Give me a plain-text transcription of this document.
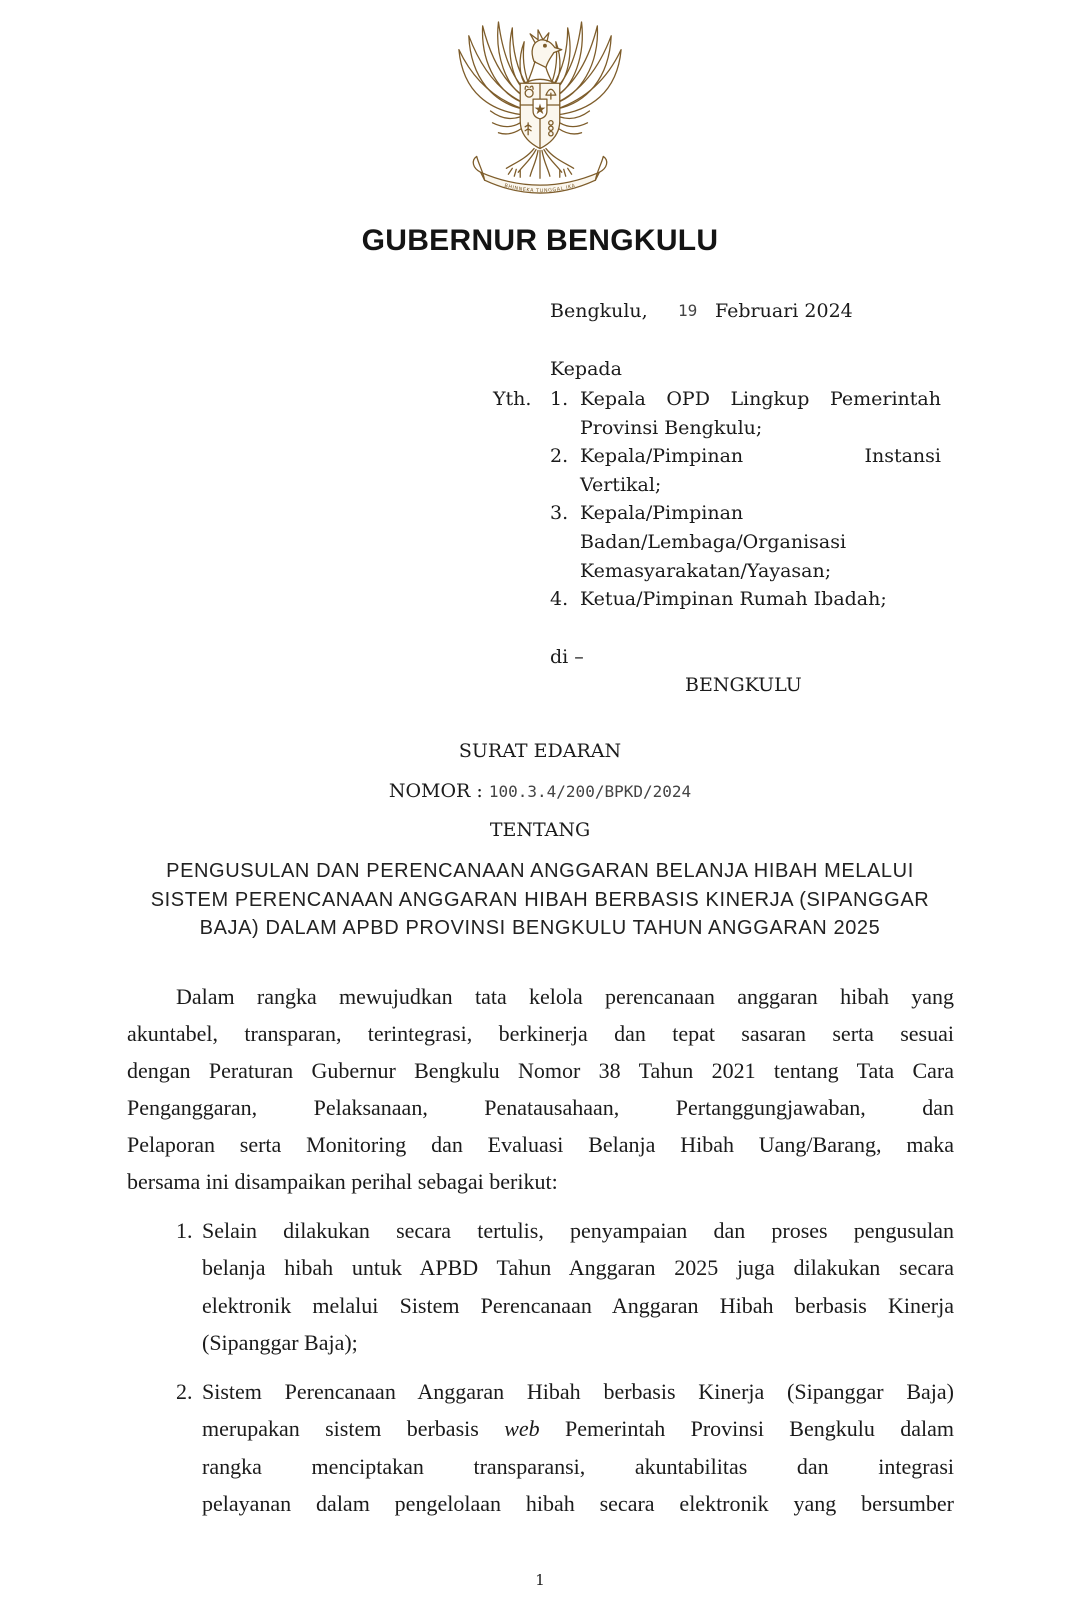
BHINNEKA TUNGGAL IKA
GUBERNUR BENGKULU
Bengkulu, 19 Februari 2024
Kepada
Yth. 1. Kepala OPD Lingkup Pemerintah
Provinsi Bengkulu;
2. Kepala/Pimpinan Instansi
Vertikal;
3. Kepala/Pimpinan
Badan/Lembaga/Organisasi
Kemasyarakatan/Yayasan;
4. Ketua/Pimpinan Rumah Ibadah;
di –
BENGKULU
SURAT EDARAN
NOMOR : 100.3.4/200/BPKD/2024
TENTANG
PENGUSULAN DAN PERENCANAAN ANGGARAN BELANJA HIBAH MELALUI
SISTEM PERENCANAAN ANGGARAN HIBAH BERBASIS KINERJA (SIPANGGAR
BAJA) DALAM APBD PROVINSI BENGKULU TAHUN ANGGARAN 2025
Dalam rangka mewujudkan tata kelola perencanaan anggaran hibah yang
akuntabel, transparan, terintegrasi, berkinerja dan tepat sasaran serta sesuai
dengan Peraturan Gubernur Bengkulu Nomor 38 Tahun 2021 tentang Tata Cara
Penganggaran, Pelaksanaan, Penatausahaan, Pertanggungjawaban, dan
Pelaporan serta Monitoring dan Evaluasi Belanja Hibah Uang/Barang, maka
bersama ini disampaikan perihal sebagai berikut:
1. Selain dilakukan secara tertulis, penyampaian dan proses pengusulan
belanja hibah untuk APBD Tahun Anggaran 2025 juga dilakukan secara
elektronik melalui Sistem Perencanaan Anggaran Hibah berbasis Kinerja
(Sipanggar Baja);
2. Sistem Perencanaan Anggaran Hibah berbasis Kinerja (Sipanggar Baja)
merupakan sistem berbasis web Pemerintah Provinsi Bengkulu dalam
rangka menciptakan transparansi, akuntabilitas dan integrasi
pelayanan dalam pengelolaan hibah secara elektronik yang bersumber
1
